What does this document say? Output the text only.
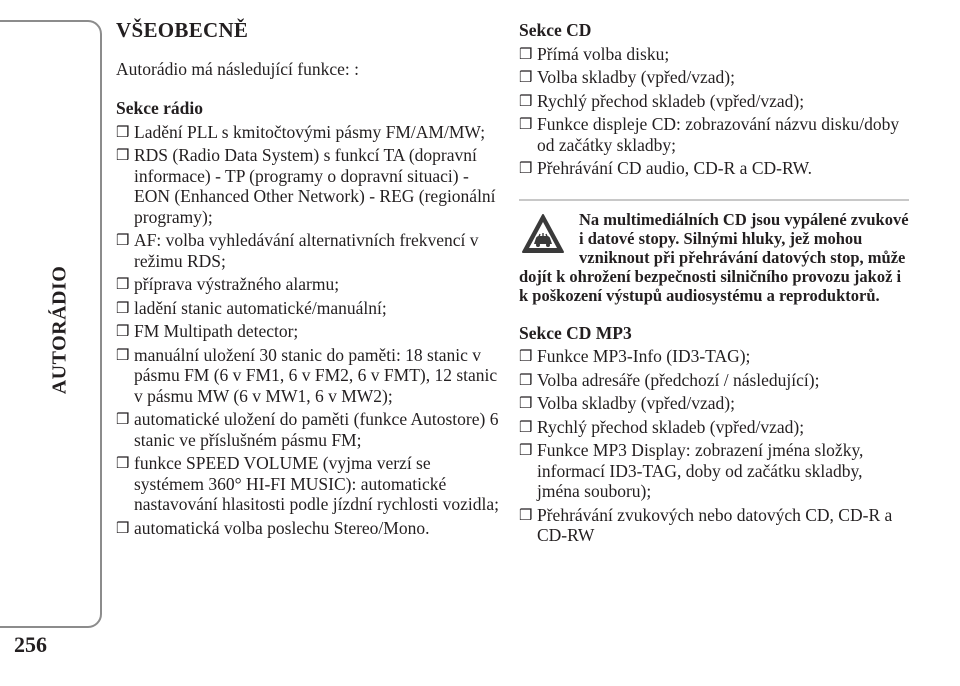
AUTORÁDIO
256
VŠEOBECNĚ

Autorádio má následující funkce: :

Sekce rádio
❒ Ladění PLL s kmitočtovými pásmy FM/AM/MW;
❒ RDS (Radio Data System) s funkcí TA (dopravní informace) - TP (programy o dopravní situaci) - EON (Enhanced Other Network) - REG (regionální programy);
❒ AF: volba vyhledávání alternativních frekvencí v režimu RDS;
❒ příprava výstražného alarmu;
❒ ladění stanic automatické/manuální;
❒ FM Multipath detector;
❒ manuální uložení 30 stanic do paměti: 18 stanic v pásmu FM (6 v FM1, 6 v FM2, 6 v FMT), 12 stanic v pásmu MW (6 v MW1, 6 v MW2);
❒ automatické uložení do paměti (funkce Autostore) 6 stanic ve příslušném pásmu FM;
❒ funkce SPEED VOLUME (vyjma verzí se systémem 360° HI-FI MUSIC): automatické nastavování hlasitosti podle jízdní rychlosti vozidla;
❒ automatická volba poslechu Stereo/Mono.
Sekce CD
❒ Přímá volba disku;
❒ Volba skladby (vpřed/vzad);
❒ Rychlý přechod skladeb (vpřed/vzad);
❒ Funkce displeje CD: zobrazování názvu disku/doby od začátky skladby;
❒ Přehrávání CD audio, CD-R a CD-RW.

Na multimediálních CD jsou vypálené zvukové i datové stopy. Silnými hluky, jež mohou vzniknout při přehrávání datových stop, může dojít k ohrožení bezpečnosti silničního provozu jakož i k poškození výstupů audiosystému a reproduktorů.

Sekce CD MP3
❒ Funkce MP3-Info (ID3-TAG);
❒ Volba adresáře (předchozí / následující);
❒ Volba skladby (vpřed/vzad);
❒ Rychlý přechod skladeb (vpřed/vzad);
❒ Funkce MP3 Display: zobrazení jména složky, informací ID3-TAG, doby od začátku skladby, jména souboru);
❒ Přehrávání zvukových nebo datových CD, CD-R a CD-RW
